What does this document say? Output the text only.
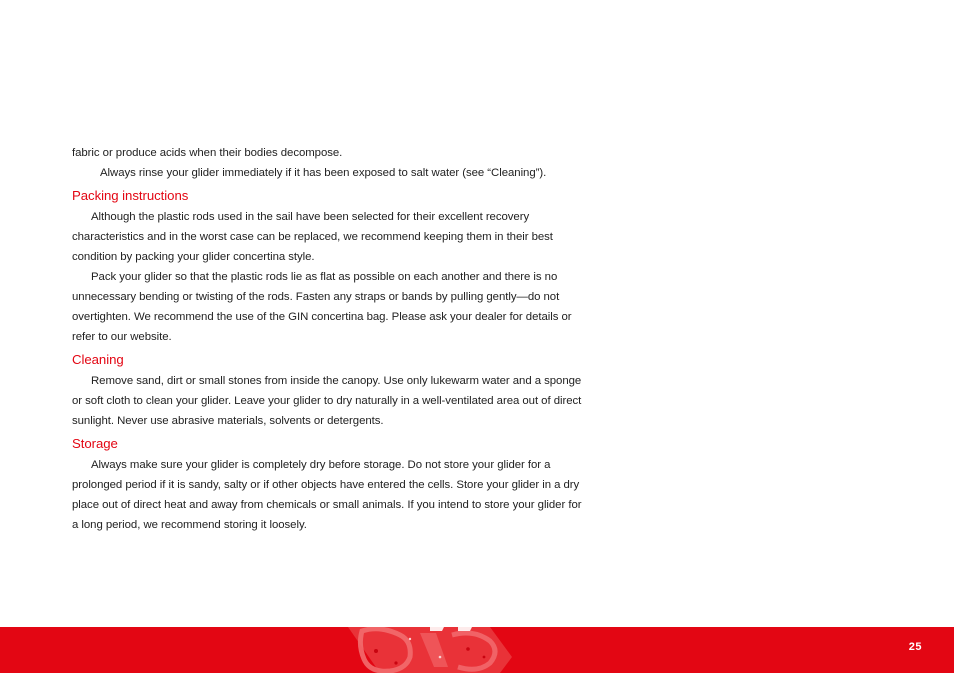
fabric or produce acids when their bodies decompose.

Always rinse your glider immediately if it has been exposed to salt water (see “Cleaning”).

Packing instructions

Although the plastic rods used in the sail have been selected for their excellent recovery characteristics and in the worst case can be replaced, we recommend keeping them in their best condition by packing your glider concertina style.

Pack your glider so that the plastic rods lie as flat as possible on each another and there is no unnecessary bending or twisting of the rods. Fasten any straps or bands by pulling gently—do not overtighten. We recommend the use of the GIN concertina bag. Please ask your dealer for details or refer to our website.

Cleaning

Remove sand, dirt or small stones from inside the canopy. Use only lukewarm water and a sponge or soft cloth to clean your glider. Leave your glider to dry naturally in a well-ventilated area out of direct sunlight. Never use abrasive materials, solvents or detergents.

Storage

Always make sure your glider is completely dry before storage. Do not store your glider for a prolonged period if it is sandy, salty or if other objects have entered the cells. Store your glider in a dry place out of direct heat and away from chemicals or small animals. If you intend to store your glider for a long period, we recommend storing it loosely.

25
